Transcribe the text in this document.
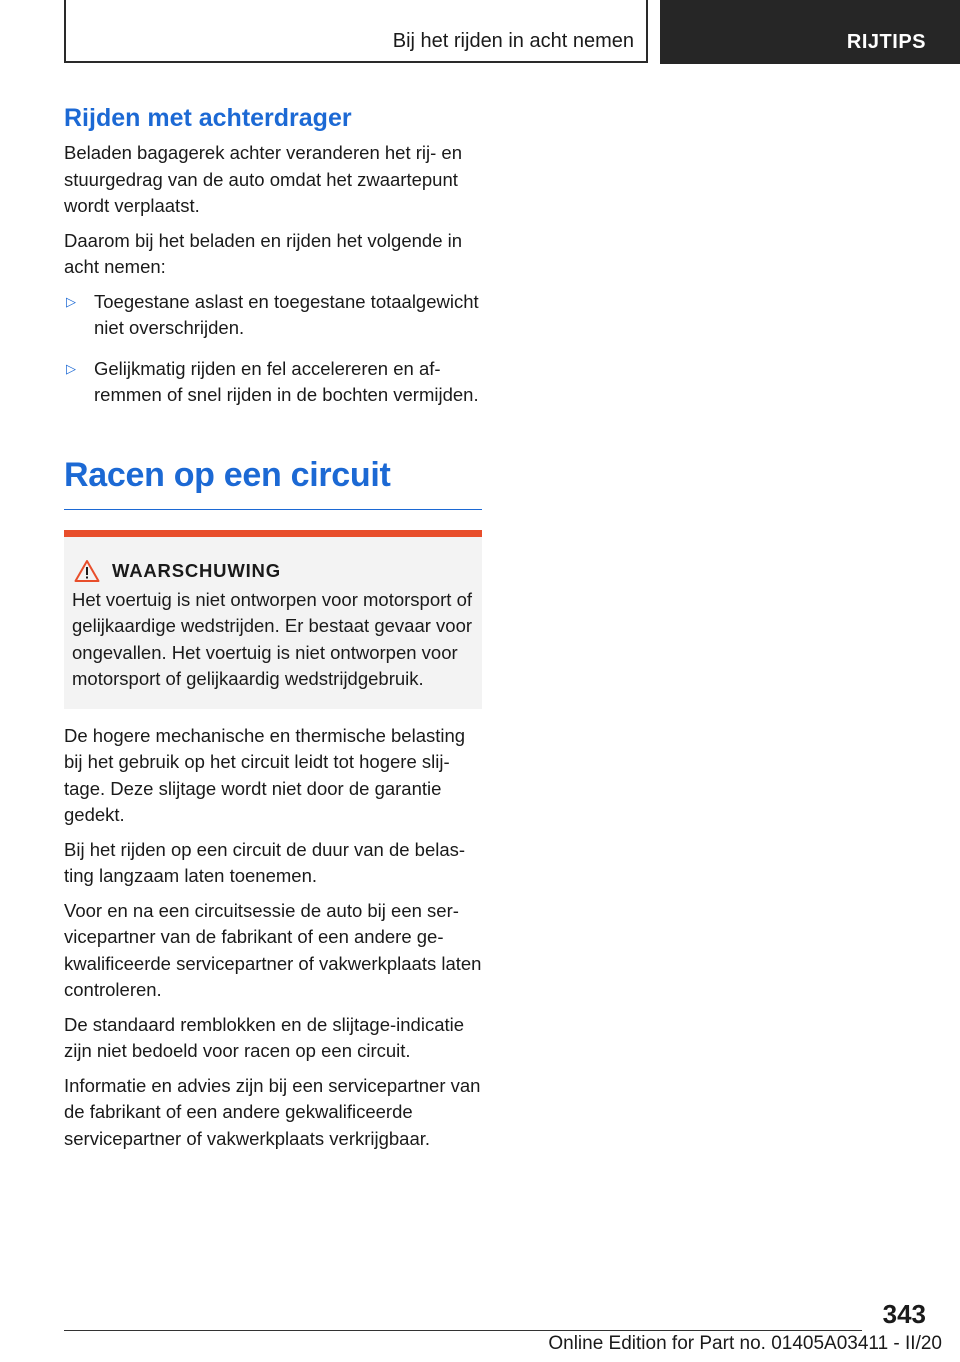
Bij het rijden in acht nemen	RIJTIPS
Rijden met achterdrager

Beladen bagagerek achter veranderen het rij- en stuurgedrag van de auto omdat het zwaartepunt wordt verplaatst.

Daarom bij het beladen en rijden het volgende in acht nemen:

▷ Toegestane aslast en toegestane totaalgewicht niet overschrijden.
▷ Gelijkmatig rijden en fel accelereren en afremmen of snel rijden in de bochten vermijden.
Racen op een circuit
WAARSCHUWING

Het voertuig is niet ontworpen voor motorsport of gelijkaardige wedstrijden. Er bestaat gevaar voor ongevallen. Het voertuig is niet ontworpen voor motorsport of gelijkaardig wedstrijdgebruik.

De hogere mechanische en thermische belasting bij het gebruik op het circuit leidt tot hogere slijtage. Deze slijtage wordt niet door de garantie gedekt.

Bij het rijden op een circuit de duur van de belasting langzaam laten toenemen.

Voor en na een circuitsessie de auto bij een servicepartner van de fabrikant of een andere gekwalificeerde servicepartner of vakwerkplaats laten controleren.

De standaard remblokken en de slijtage-indicatie zijn niet bedoeld voor racen op een circuit.

Informatie en advies zijn bij een servicepartner van de fabrikant of een andere gekwalificeerde servicepartner of vakwerkplaats verkrijgbaar.

343
Online Edition for Part no. 01405A03411 - II/20
